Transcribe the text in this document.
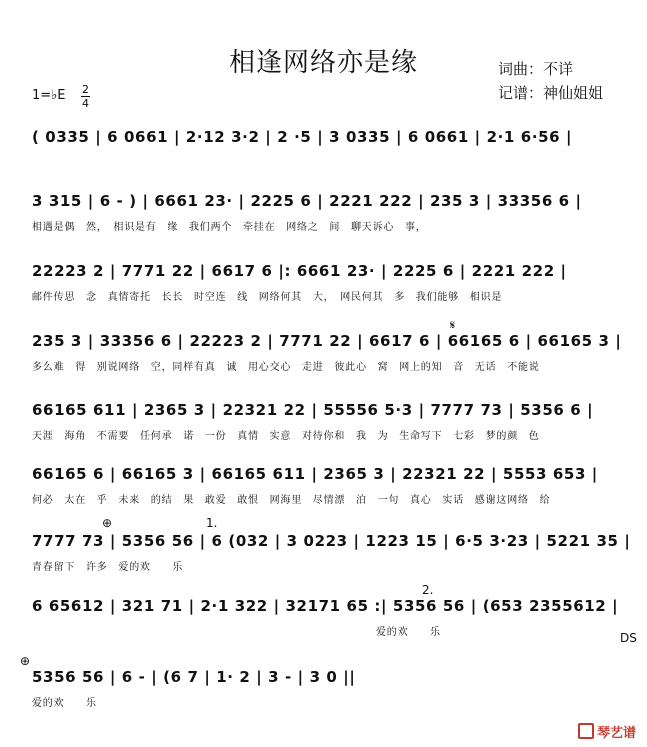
相逢网络亦是缘	词曲：不详
记谱：神仙姐姐
1=♭E 2
4
( 0335 | 6 0661 | 2·12 3·2 | 2 ·5 | 3 0335 | 6 0661 | 2·1 6·56 |
3 315 | 6 - ) | 6661 23· | 2225 6 | 2221 222 | 235 3 | 33356 6 |
相遇是偶　然，　相识是有　缘　我们两个　牵挂在　网络之　间　聊天诉心　事，
22223 2 | 7771 22 | 6617 6 |: 6661 23· | 2225 6 | 2221 222 |
邮件传思　念　真情寄托　长长　时空连　线　网络何其　大，　网民何其　多　我们能够　相识是
235 3 | 33356 6 | 22223 2 | 7771 22 | 6617 6 | 66165 6 | 66165 3 |
多么难　得　别说网络　空，同样有真　诚　用心交心　走进　彼此心　窝　网上的知　音　无话　不能说
𝄋
66165 611 | 2365 3 | 22321 22 | 55556 5·3 | 7777 73 | 5356 6 |
天涯　海角　不需要　任何承　诺　一份　真情　实意　对待你和　我　为　生命写下　七彩　梦的颜　色
66165 6 | 66165 3 | 66165 611 | 2365 3 | 22321 22 | 5553 653 |
何必　太在　乎　未来　的结　果　敢爱　敢恨　网海里　尽情漂　泊　一句　真心　实话　感谢这网络　给
7777 73 | 5356 56 | 6 (032 | 3 0223 | 1223 15 | 6·5 3·23 | 5221 35 |
青春留下　许多　爱的欢　　乐
⊕	1.
6 65612 | 321 71 | 2·1 322 | 32171 65 :| 5356 56 | (653 2355612 |
爱的欢　　乐
2.
DS
5356 56 | 6 - | (6 7 | 1· 2 | 3 - | 3 0 ||
爱的欢　　乐
⊕
琴艺谱
